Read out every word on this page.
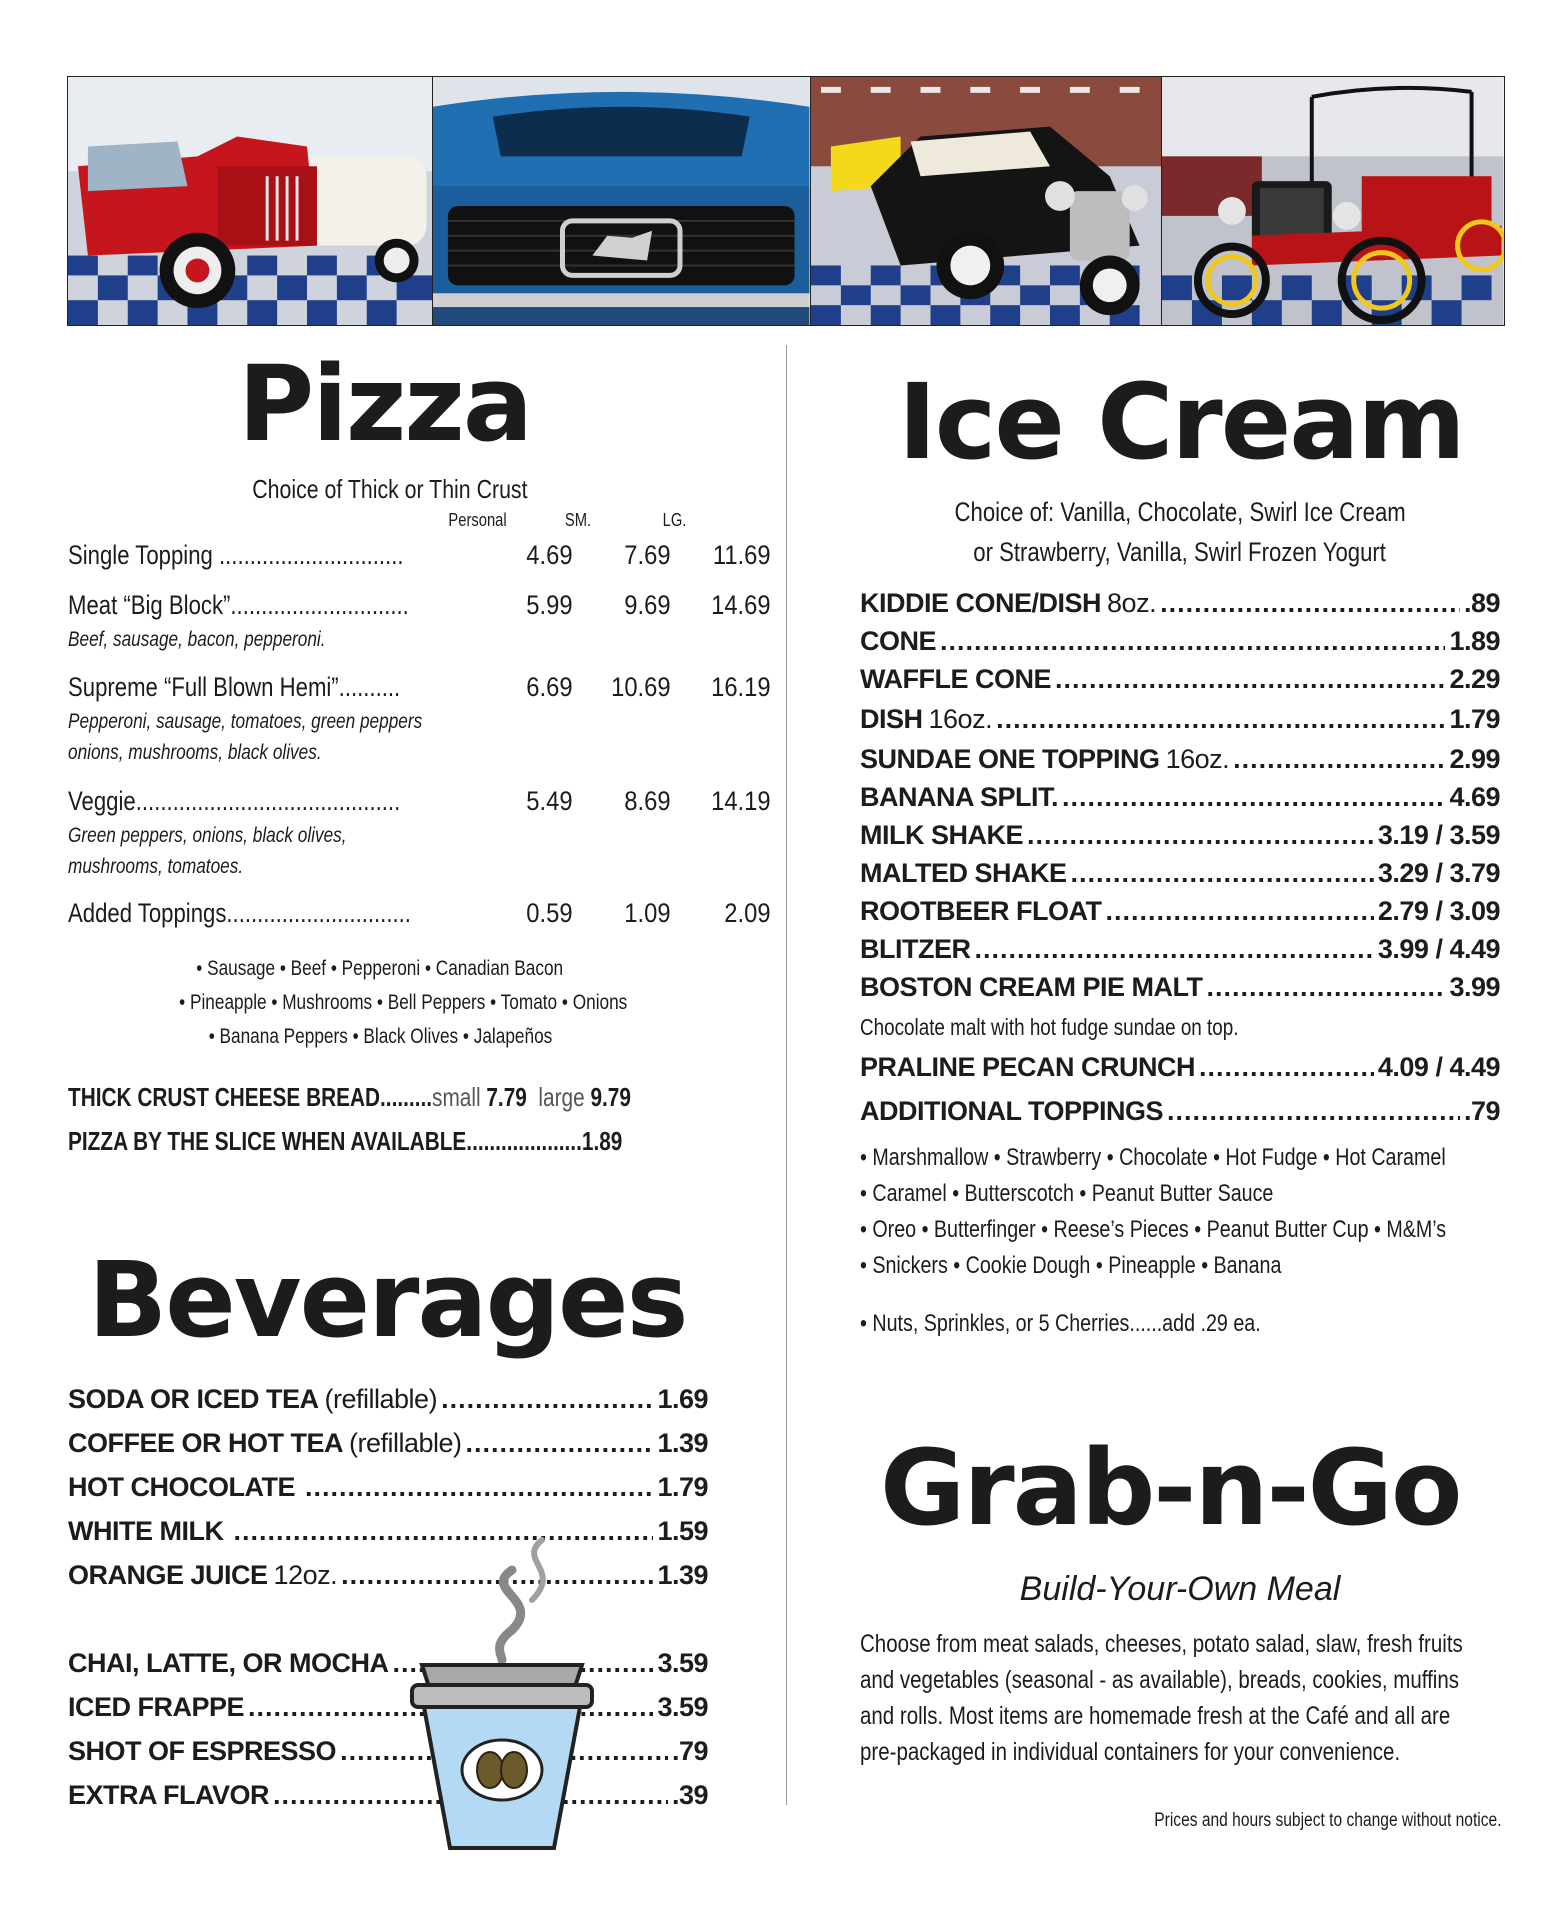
Pizza
Choice of Thick or Thin Crust
Personal	SM.	LG.
Single Topping ..............................	4.69	7.69	11.69
Meat “Big Block”.............................	5.99	9.69	14.69
Beef, sausage, bacon, pepperoni.
Supreme “Full Blown Hemi”..........	6.69	10.69	16.19
Pepperoni, sausage, tomatoes, green peppers
onions, mushrooms, black olives.
Veggie...........................................	5.49	8.69	14.19
Green peppers, onions, black olives,
mushrooms, tomatoes.
Added Toppings..............................	0.59	1.09	2.09
• Sausage • Beef • Pepperoni • Canadian Bacon
• Pineapple • Mushrooms • Bell Peppers • Tomato • Onions
• Banana Peppers • Black Olives • Jalapeños
THICK CRUST CHEESE BREAD.........small 7.79 large 9.79
PIZZA BY THE SLICE WHEN AVAILABLE....................1.89
Beverages
SODA OR ICED TEA (refillable) .....	1.69
COFFEE OR HOT TEA (refillable) .....	1.39
HOT CHOCOLATE .....	1.79
WHITE MILK .....	1.59
ORANGE JUICE 12oz. .....	1.39
CHAI, LATTE, OR MOCHA .....	3.59
ICED FRAPPE .....	3.59
SHOT OF ESPRESSO .....	.79
EXTRA FLAVOR .....	.39
Ice Cream
Choice of: Vanilla, Chocolate, Swirl Ice Cream
or Strawberry, Vanilla, Swirl Frozen Yogurt
KIDDIE CONE/DISH 8oz. .....	.89
CONE .....	1.89
WAFFLE CONE .....	2.29
DISH 16oz. .....	1.79
SUNDAE ONE TOPPING 16oz. .....	2.99
BANANA SPLIT. .....	4.69
MILK SHAKE .....	3.19 / 3.59
MALTED SHAKE .....	3.29 / 3.79
ROOTBEER FLOAT .....	2.79 / 3.09
BLITZER .....	3.99 / 4.49
BOSTON CREAM PIE MALT .....	3.99
Chocolate malt with hot fudge sundae on top.
PRALINE PECAN CRUNCH .....	4.09 / 4.49
ADDITIONAL TOPPINGS .....	.79
• Marshmallow • Strawberry • Chocolate • Hot Fudge • Hot Caramel
• Caramel • Butterscotch • Peanut Butter Sauce
• Oreo • Butterfinger • Reese’s Pieces • Peanut Butter Cup • M&M’s
• Snickers • Cookie Dough • Pineapple • Banana
• Nuts, Sprinkles, or 5 Cherries......add .29 ea.
Grab-n-Go
Build-Your-Own Meal
Choose from meat salads, cheeses, potato salad, slaw, fresh fruits
and vegetables (seasonal - as available), breads, cookies, muffins
and rolls. Most items are homemade fresh at the Café and all are
pre-packaged in individual containers for your convenience.
Prices and hours subject to change without notice.
